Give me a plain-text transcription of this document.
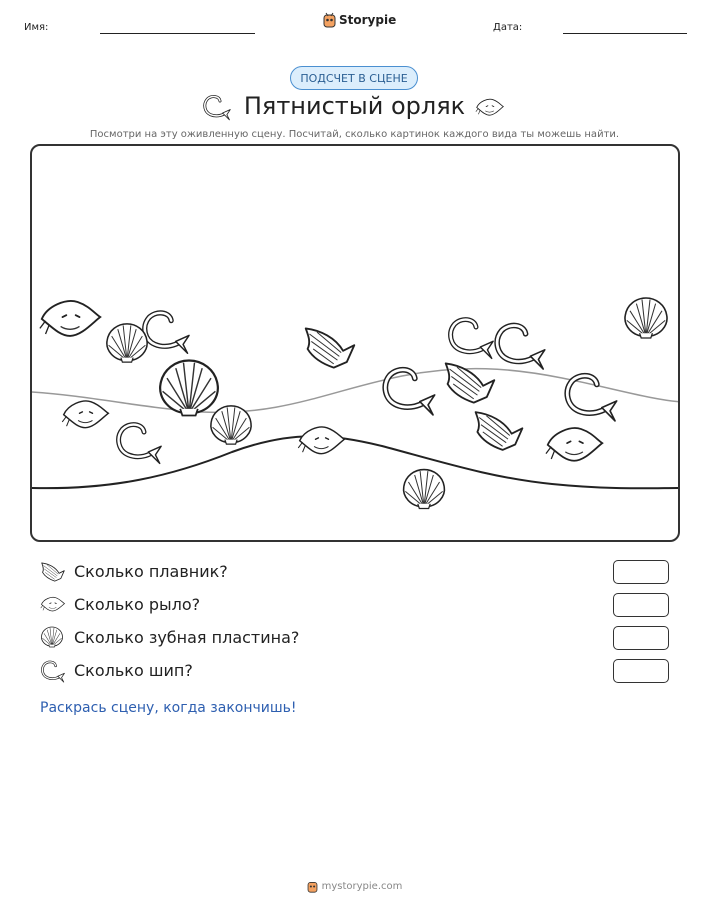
Имя:
Storypie
Дата:
ПОДСЧЕТ В СЦЕНЕ
Пятнистый орляк
Посмотри на эту оживленную сцену. Посчитай, сколько картинок каждого вида ты можешь найти.
Сколько плавник?
Сколько рыло?
Сколько зубная пластина?
Сколько шип?
Раскрась сцену, когда закончишь!
mystorypie.com
